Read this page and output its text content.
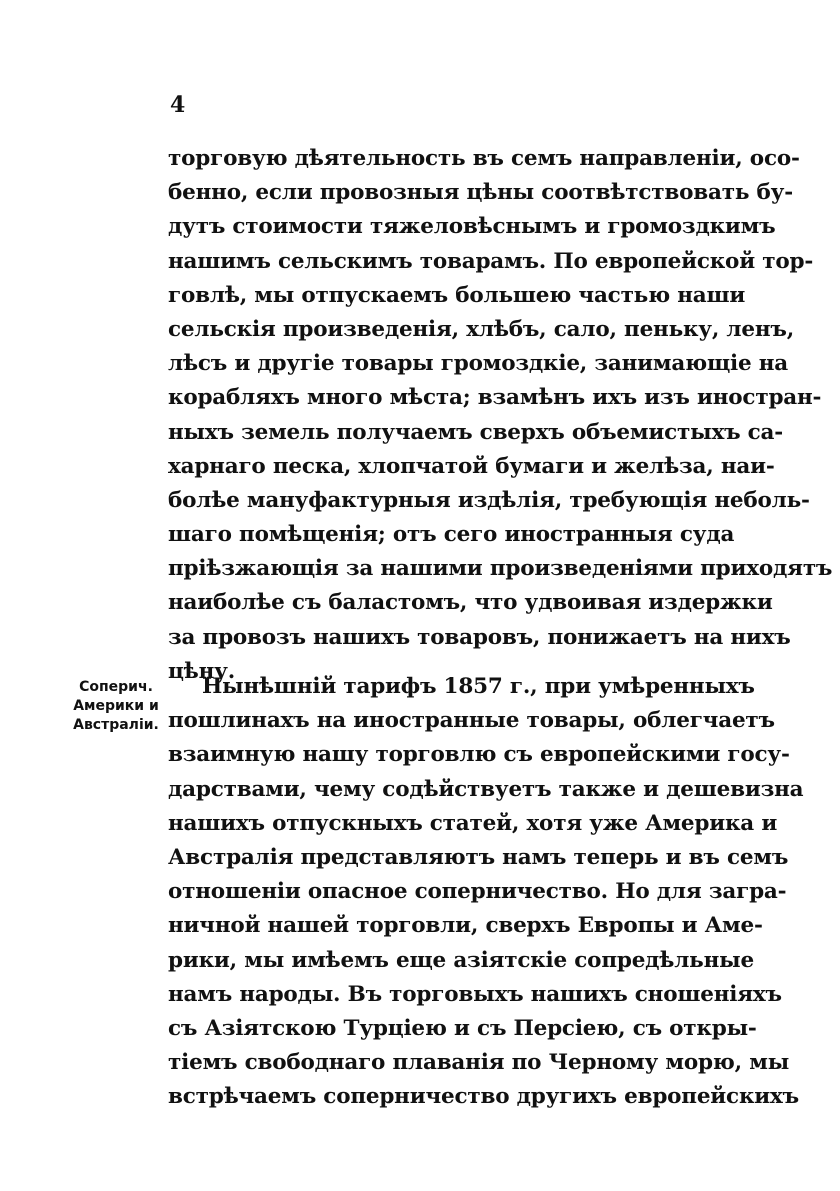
4
Соперич.
Америки и
Австралiи.
торговую дѣятельность въ семъ направленiи, осо-
бенно, если провозныя цѣны соотвѣтствовать бу-
дутъ стоимости тяжеловѣснымъ и громоздкимъ
нашимъ сельскимъ товарамъ. По европейской тор-
говлѣ, мы отпускаемъ большею частью наши
сельскiя произведенiя, хлѣбъ, сало, пеньку, ленъ,
лѣсъ и другiе товары громоздкiе, занимающiе на
корабляхъ много мѣста; взамѣнъ ихъ изъ иностран-
ныхъ земель получаемъ сверхъ объемистыхъ са-
харнаго песка, хлопчатой бумаги и желѣза, наи-
болѣе мануфактурныя издѣлiя, требующiя неболь-
шаго помѣщенiя; отъ сего иностранныя суда
прiѣзжающiя за нашими произведенiями приходятъ
наиболѣе съ баластомъ, что удвоивая издержки
за провозъ нашихъ товаровъ, понижаетъ на нихъ
цѣну.
Нынѣшнiй тарифъ 1857 г., при умѣренныхъ
пошлинахъ на иностранные товары, облегчаетъ
взаимную нашу торговлю съ европейскими госу-
дарствами, чему содѣйствуетъ также и дешевизна
нашихъ отпускныхъ статей, хотя уже Америка и
Австралiя представляютъ намъ теперь и въ семъ
отношенiи опасное соперничество. Но для загра-
ничной нашей торговли, сверхъ Европы и Аме-
рики, мы имѣемъ еще азiятскiе сопредѣльные
намъ народы. Въ торговыхъ нашихъ сношенiяхъ
съ Азiятскою Турцiею и съ Персiею, съ откры-
тiемъ свободнаго плаванiя по Черному морю, мы
встрѣчаемъ соперничество другихъ европейскихъ
